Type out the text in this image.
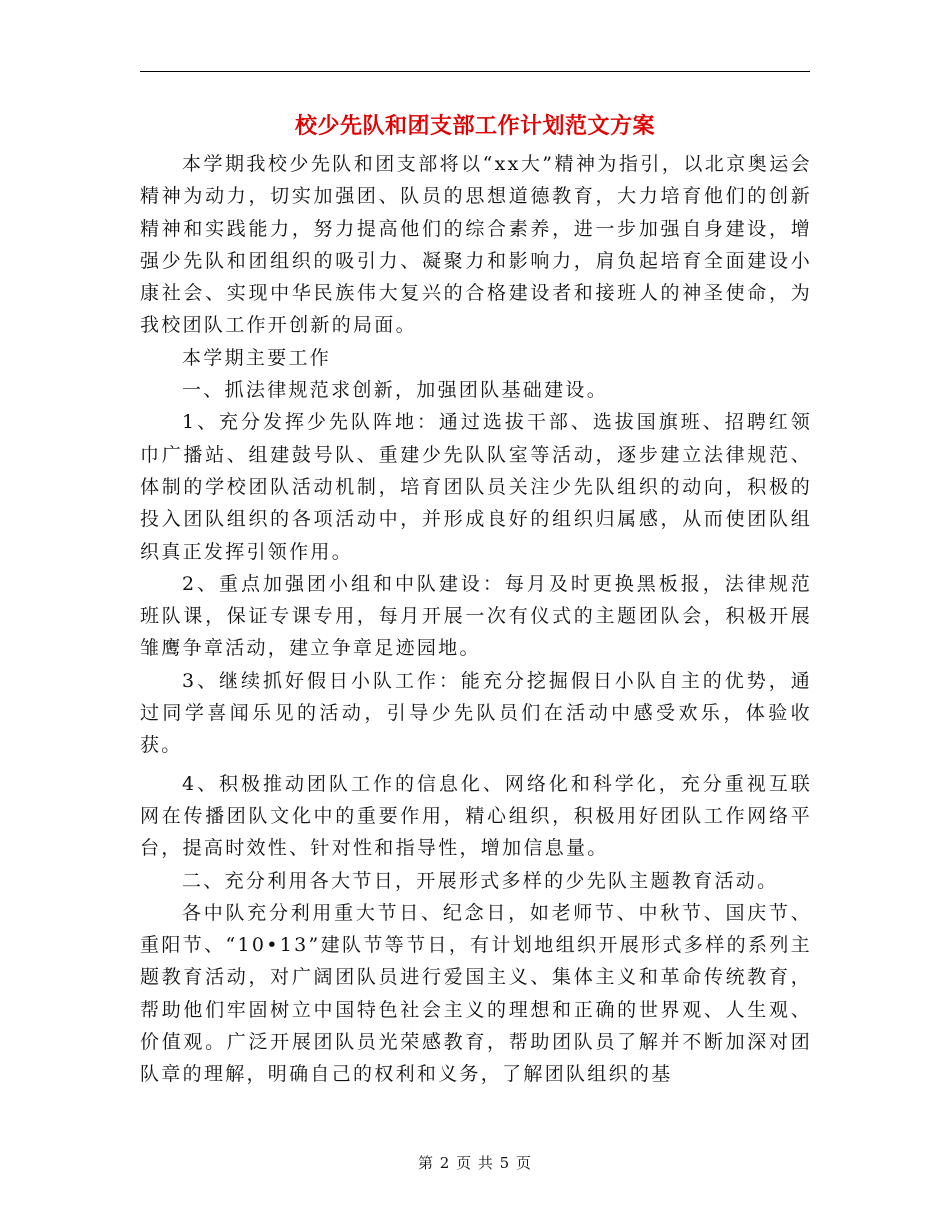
校少先队和团支部工作计划范文方案

本学期我校少先队和团支部将以“xx大”精神为指引，以北京奥运会精神为动力，切实加强团、队员的思想道德教育，大力培育他们的创新精神和实践能力，努力提高他们的综合素养，进一步加强自身建设，增强少先队和团组织的吸引力、凝聚力和影响力，肩负起培育全面建设小康社会、实现中华民族伟大复兴的合格建设者和接班人的神圣使命，为我校团队工作开创新的局面。

本学期主要工作

一、抓法律规范求创新，加强团队基础建设。

1、充分发挥少先队阵地：通过选拔干部、选拔国旗班、招聘红领巾广播站、组建鼓号队、重建少先队队室等活动，逐步建立法律规范、体制的学校团队活动机制，培育团队员关注少先队组织的动向，积极的投入团队组织的各项活动中，并形成良好的组织归属感，从而使团队组织真正发挥引领作用。

2、重点加强团小组和中队建设：每月及时更换黑板报，法律规范班队课，保证专课专用，每月开展一次有仪式的主题团队会，积极开展雏鹰争章活动，建立争章足迹园地。

3、继续抓好假日小队工作：能充分挖掘假日小队自主的优势，通过同学喜闻乐见的活动，引导少先队员们在活动中感受欢乐，体验收获。

4、积极推动团队工作的信息化、网络化和科学化，充分重视互联网在传播团队文化中的重要作用，精心组织，积极用好团队工作网络平台，提高时效性、针对性和指导性，增加信息量。

二、充分利用各大节日，开展形式多样的少先队主题教育活动。

各中队充分利用重大节日、纪念日，如老师节、中秋节、国庆节、重阳节、“10•13”建队节等节日，有计划地组织开展形式多样的系列主题教育活动，对广阔团队员进行爱国主义、集体主义和革命传统教育，帮助他们牢固树立中国特色社会主义的理想和正确的世界观、人生观、价值观。广泛开展团队员光荣感教育，帮助团队员了解并不断加深对团队章的理解，明确自己的权利和义务，了解团队组织的基

第 2 页 共 5 页
